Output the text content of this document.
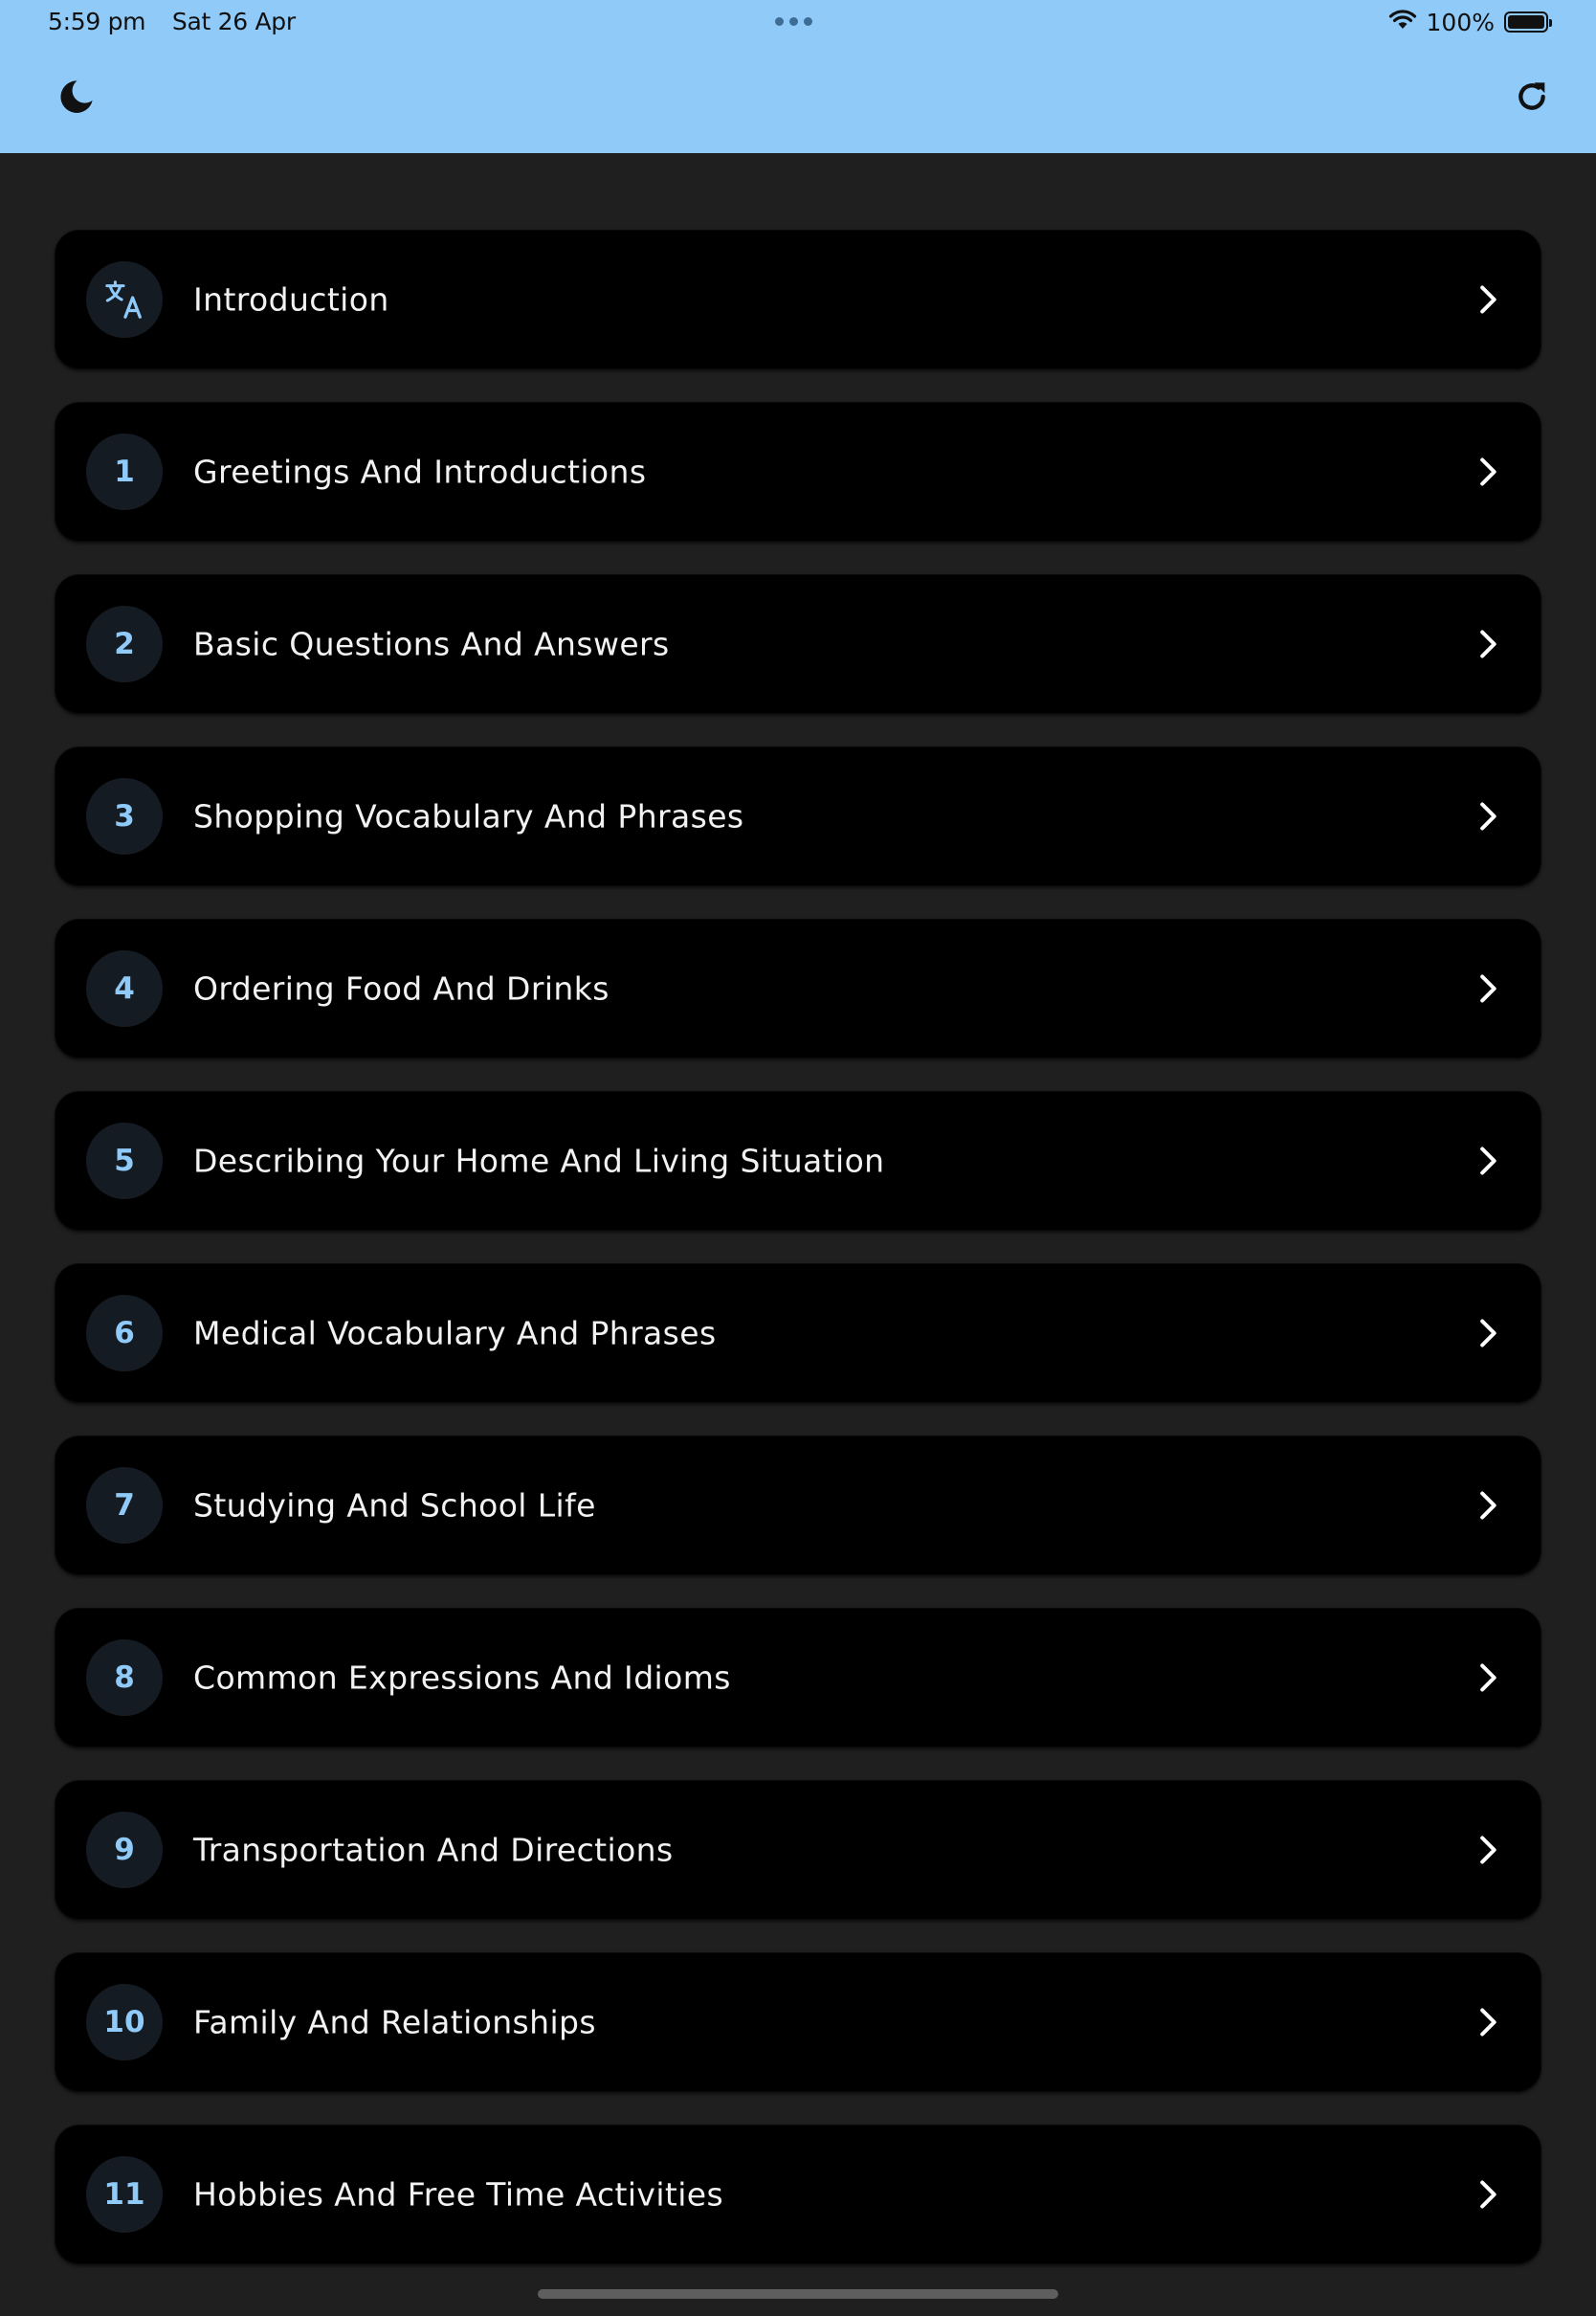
5:59 pm Sat 26 Apr	100%
Introduction
1	Greetings And Introductions
2	Basic Questions And Answers
3	Shopping Vocabulary And Phrases
4	Ordering Food And Drinks
5	Describing Your Home And Living Situation
6	Medical Vocabulary And Phrases
7	Studying And School Life
8	Common Expressions And Idioms
9	Transportation And Directions
10	Family And Relationships
11	Hobbies And Free Time Activities
